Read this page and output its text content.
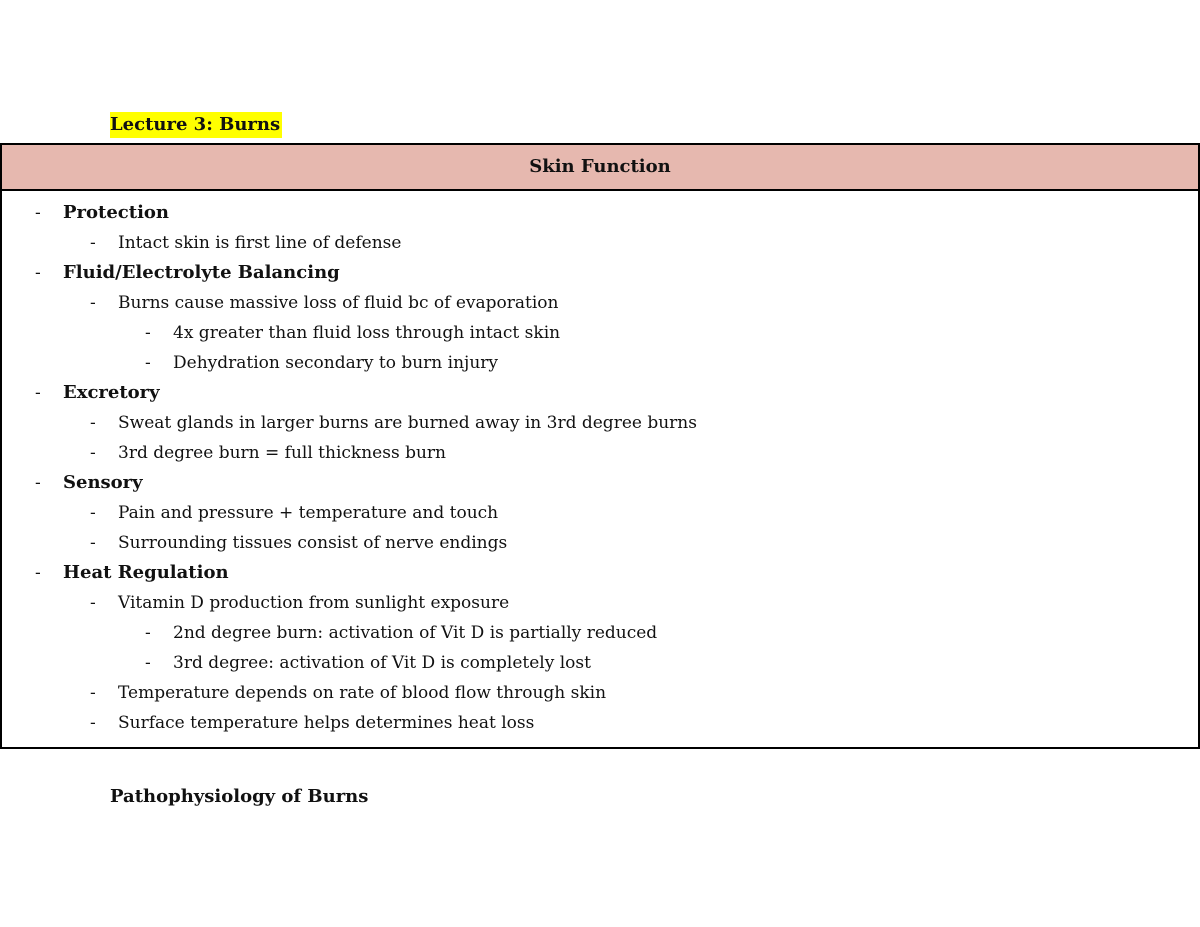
Lecture 3: Burns
Skin Function
- Protection
- Intact skin is first line of defense
- Fluid/Electrolyte Balancing
- Burns cause massive loss of fluid bc of evaporation
- 4x greater than fluid loss through intact skin
- Dehydration secondary to burn injury
- Excretory
- Sweat glands in larger burns are burned away in 3rd degree burns
- 3rd degree burn = full thickness burn
- Sensory
- Pain and pressure + temperature and touch
- Surrounding tissues consist of nerve endings
- Heat Regulation
- Vitamin D production from sunlight exposure
- 2nd degree burn: activation of Vit D is partially reduced
- 3rd degree: activation of Vit D is completely lost
- Temperature depends on rate of blood flow through skin
- Surface temperature helps determines heat loss
Pathophysiology of Burns
